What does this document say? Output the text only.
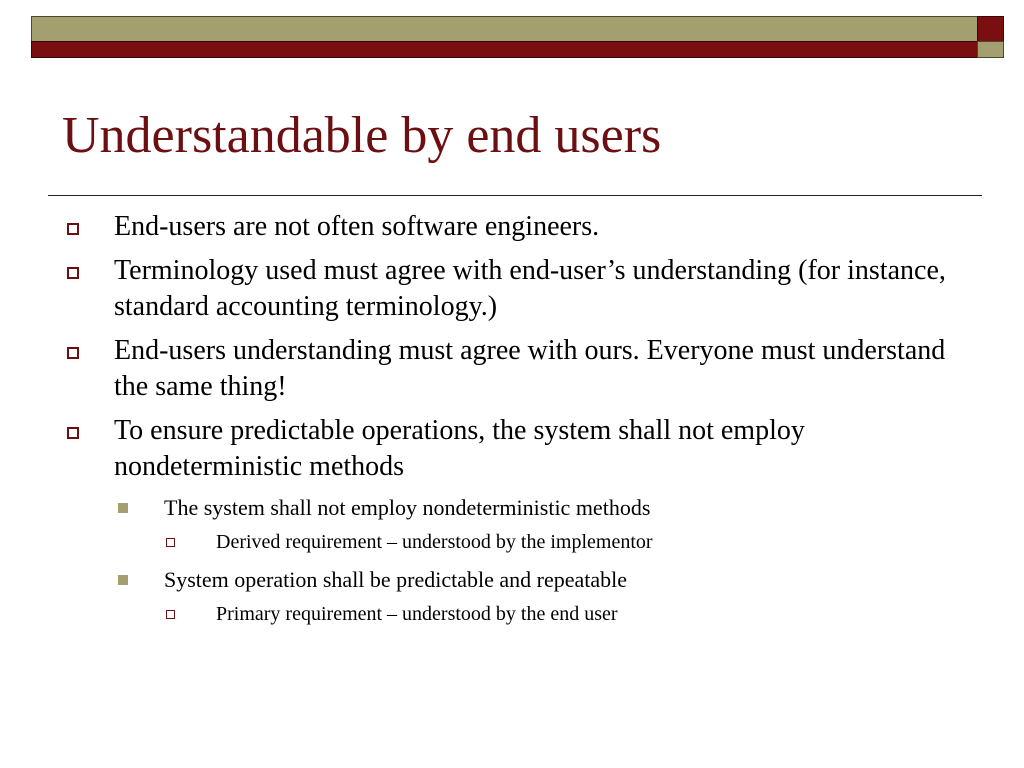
Understandable by end users
End-users are not often software engineers.
Terminology used must agree with end-user’s understanding (for instance, standard accounting terminology.)
End-users understanding must agree with ours. Everyone must understand the same thing!
To ensure predictable operations, the system shall not employ nondeterministic methods
The system shall not employ nondeterministic methods
Derived requirement – understood by the implementor
System operation shall be predictable and repeatable
Primary requirement – understood by the end user
